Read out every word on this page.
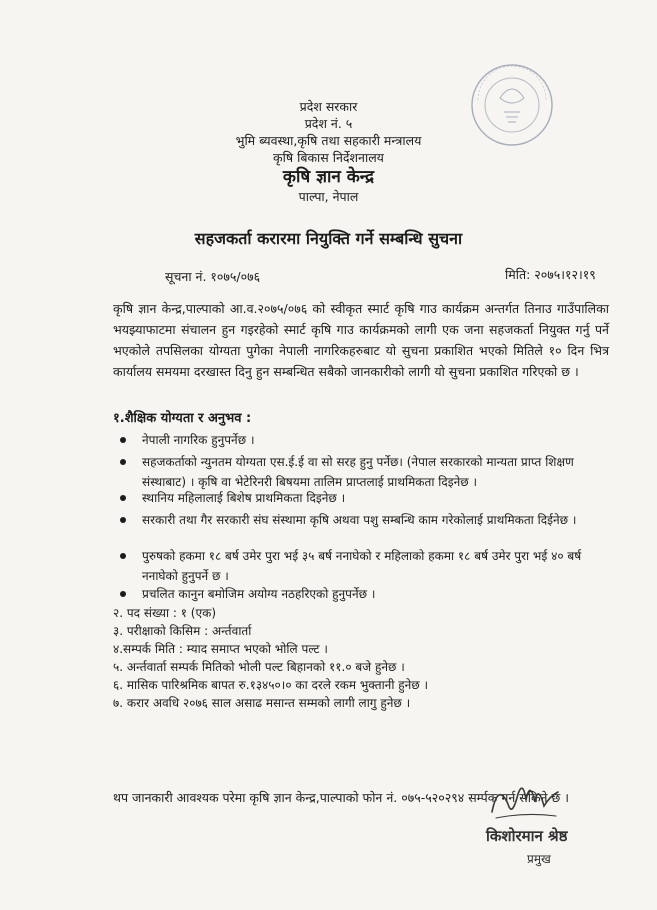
प्रदेश सरकार
प्रदेश नं. ५
भुमि ब्यवस्था,कृषि तथा सहकारी मन्त्रालय
कृषि बिकास निर्देशनालय
कृषि ज्ञान केन्द्र
पाल्पा, नेपाल
सहजकर्ता करारमा नियुक्ति गर्ने सम्बन्धि सुचना
सूचना नं. १०७५/०७६	मिति: २०७५।१२।१९
कृषि ज्ञान केन्द्र,पाल्पाको आ.व.२०७५/०७६ को स्वीकृत स्मार्ट कृषि गाउ कार्यक्रम अन्तर्गत तिनाउ गाउँपालिका भयझ्याफाटमा संचालन हुन गइरहेको स्मार्ट कृषि गाउ कार्यक्रमको लागी एक जना सहजकर्ता नियुक्त गर्नु पर्ने भएकोले तपसिलका योग्यता पुगेका नेपाली नागरिकहरुबाट यो सुचना प्रकाशित भएको मितिले १० दिन भित्र कार्यालय समयमा दरखास्त दिनु हुन सम्बन्धित सबैको जानकारीको लागी यो सुचना प्रकाशित गरिएको छ ।
१.शैक्षिक योग्यता र अनुभव :
नेपाली नागरिक हुनुपर्नेछ ।
सहजकर्ताको न्युनतम योग्यता एस.ई.ई वा सो सरह हुनु पर्नेछ। (नेपाल सरकारको मान्यता प्राप्त शिक्षण संस्थाबाट) । कृषि वा भेटेरिनरी बिषयमा तालिम प्राप्तलाई प्राथमिकता दिइनेछ ।
स्थानिय महिलालाई बिशेष प्राथमिकता दिइनेछ ।
सरकारी तथा गैर सरकारी संघ संस्थामा कृषि अथवा पशु सम्बन्धि काम गरेकोलाई प्राथमिकता दिईनेछ ।
पुरुषको हकमा १८ बर्ष उमेर पुरा भई ३५ बर्ष ननाघेको र महिलाको हकमा १८ बर्ष उमेर पुरा भई ४० बर्ष ननाघेको हुनुपर्ने छ ।
प्रचलित कानुन बमोजिम अयोग्य नठहरिएको हुनुपर्नेछ ।
२. पद संख्या : १ (एक)
३. परीक्षाको किसिम : अर्न्तवार्ता
४.सम्पर्क मिति : म्याद समाप्त भएको भोलि पल्ट ।
५. अर्न्तवार्ता सम्पर्क मितिको भोली पल्ट बिहानको ११.० बजे हुनेछ ।
६. मासिक पारिश्रमिक बापत रु.१३४५०।० का दरले रकम भुक्तानी हुनेछ ।
७. करार अवधि २०७६ साल असाढ मसान्त सम्मको लागी लागु हुनेछ ।
थप जानकारी आवश्यक परेमा कृषि ज्ञान केन्द्र,पाल्पाको फोन नं. ०७५-५२०२९४ सर्म्पक गर्न सकिने छ ।
किशोरमान श्रेष्ठ
प्रमुख
